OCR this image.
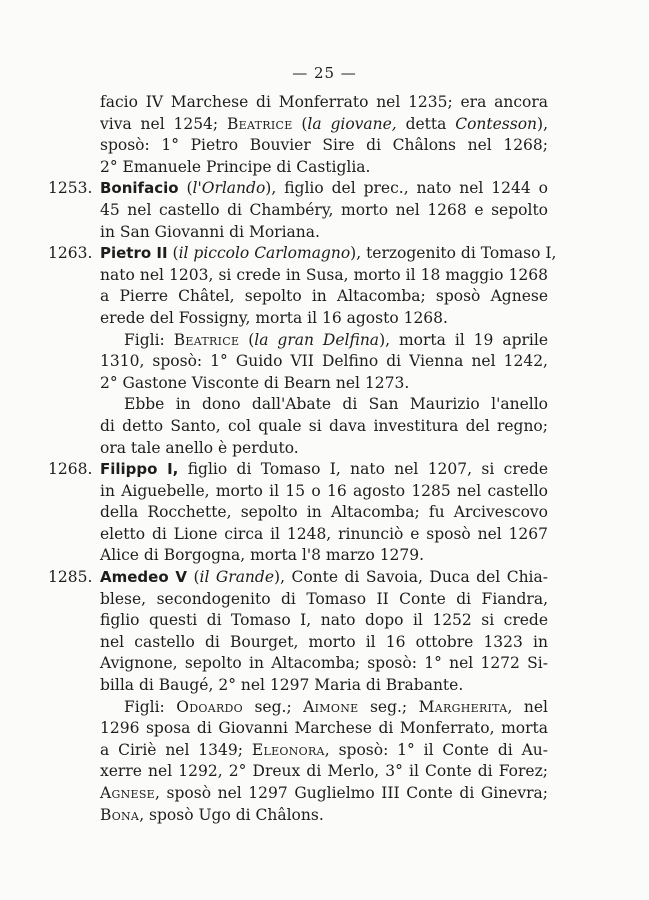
— 25 —
facio IV Marchese di Monferrato nel 1235; era ancora
viva nel 1254; Beatrice (la giovane, detta Contesson),
sposò: 1° Pietro Bouvier Sire di Châlons nel 1268;
2° Emanuele Principe di Castiglia.
1253. Bonifacio (l'Orlando), figlio del prec., nato nel 1244 o
45 nel castello di Chambéry, morto nel 1268 e sepolto
in San Giovanni di Moriana.
1263. Pietro II (il piccolo Carlomagno), terzogenito di Tomaso I,
nato nel 1203, si crede in Susa, morto il 18 maggio 1268
a Pierre Châtel, sepolto in Altacomba; sposò Agnese
erede del Fossigny, morta il 16 agosto 1268.
Figli: Beatrice (la gran Delfina), morta il 19 aprile
1310, sposò: 1° Guido VII Delfino di Vienna nel 1242,
2° Gastone Visconte di Bearn nel 1273.
Ebbe in dono dall'Abate di San Maurizio l'anello
di detto Santo, col quale si dava investitura del regno;
ora tale anello è perduto.
1268. Filippo I, figlio di Tomaso I, nato nel 1207, si crede
in Aiguebelle, morto il 15 o 16 agosto 1285 nel castello
della Rocchette, sepolto in Altacomba; fu Arcivescovo
eletto di Lione circa il 1248, rinunciò e sposò nel 1267
Alice di Borgogna, morta l'8 marzo 1279.
1285. Amedeo V (il Grande), Conte di Savoia, Duca del Chia-
blese, secondogenito di Tomaso II Conte di Fiandra,
figlio questi di Tomaso I, nato dopo il 1252 si crede
nel castello di Bourget, morto il 16 ottobre 1323 in
Avignone, sepolto in Altacomba; sposò: 1° nel 1272 Si-
billa di Baugé, 2° nel 1297 Maria di Brabante.
Figli: Odoardo seg.; Aimone seg.; Margherita, nel
1296 sposa di Giovanni Marchese di Monferrato, morta
a Ciriè nel 1349; Eleonora, sposò: 1° il Conte di Au-
xerre nel 1292, 2° Dreux di Merlo, 3° il Conte di Forez;
Agnese, sposò nel 1297 Guglielmo III Conte di Ginevra;
Bona, sposò Ugo di Châlons.
